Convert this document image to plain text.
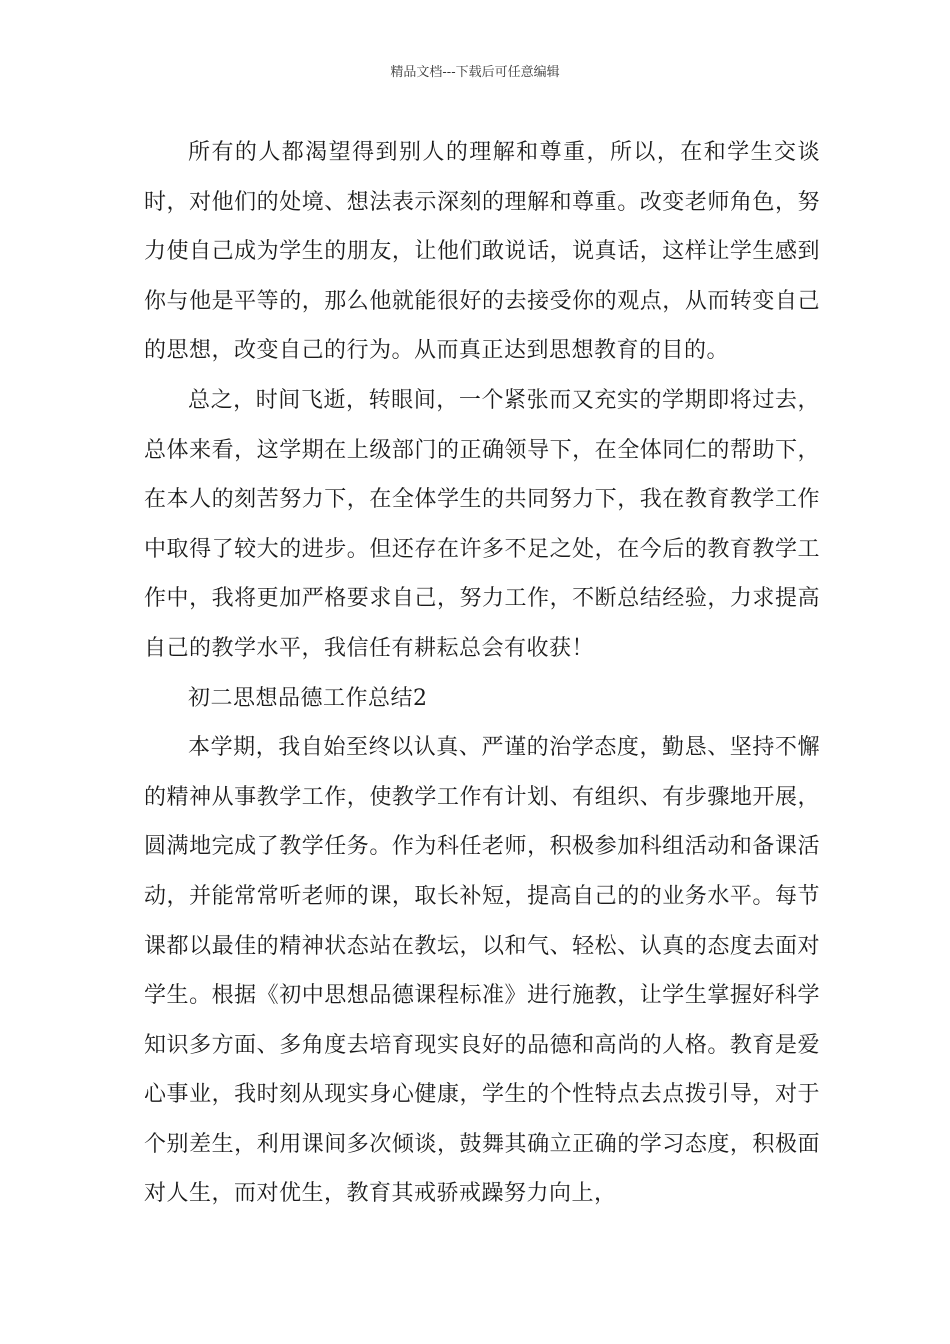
精品文档---下载后可任意编辑

所有的人都渴望得到别人的理解和尊重，所以，在和学生交谈时，对他们的处境、想法表示深刻的理解和尊重。改变老师角色，努力使自己成为学生的朋友，让他们敢说话，说真话，这样让学生感到你与他是平等的，那么他就能很好的去接受你的观点，从而转变自己的思想，改变自己的行为。从而真正达到思想教育的目的。

总之，时间飞逝，转眼间，一个紧张而又充实的学期即将过去，总体来看，这学期在上级部门的正确领导下，在全体同仁的帮助下，在本人的刻苦努力下，在全体学生的共同努力下，我在教育教学工作中取得了较大的进步。但还存在许多不足之处，在今后的教育教学工作中，我将更加严格要求自己，努力工作，不断总结经验，力求提高自己的教学水平，我信任有耕耘总会有收获！

初二思想品德工作总结2

本学期，我自始至终以认真、严谨的治学态度，勤恳、坚持不懈的精神从事教学工作，使教学工作有计划、有组织、有步骤地开展，圆满地完成了教学任务。作为科任老师，积极参加科组活动和备课活动，并能常常听老师的课，取长补短，提高自己的的业务水平。每节课都以最佳的精神状态站在教坛，以和气、轻松、认真的态度去面对学生。根据《初中思想品德课程标准》进行施教，让学生掌握好科学知识多方面、多角度去培育现实良好的品德和高尚的人格。教育是爱心事业，我时刻从现实身心健康，学生的个性特点去点拨引导，对于个别差生，利用课间多次倾谈，鼓舞其确立正确的学习态度，积极面对人生，而对优生，教育其戒骄戒躁努力向上，
